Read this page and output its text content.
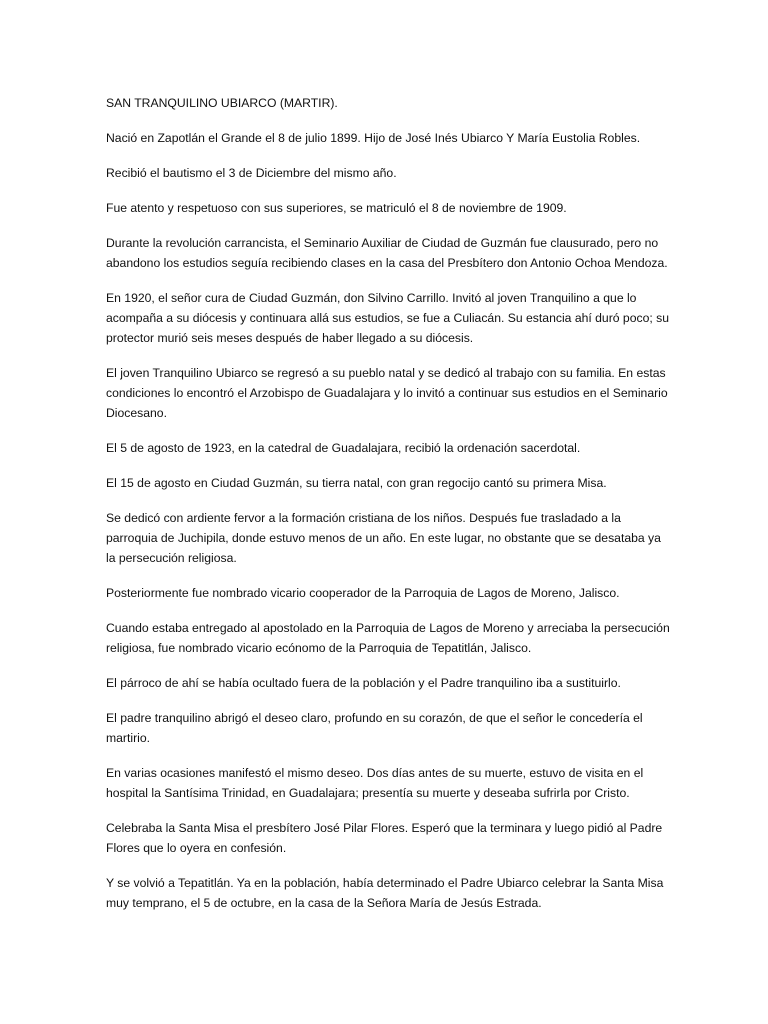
SAN TRANQUILINO UBIARCO (MARTIR).

Nació en Zapotlán el Grande el 8 de julio 1899. Hijo de José Inés Ubiarco Y María Eustolia Robles.

Recibió el bautismo el 3 de Diciembre del mismo año.

Fue atento y respetuoso con sus superiores, se matriculó el 8 de noviembre de 1909.

Durante la revolución carrancista, el Seminario Auxiliar de Ciudad de Guzmán fue clausurado, pero no abandono los estudios seguía recibiendo clases en la casa del Presbítero don Antonio Ochoa Mendoza.

En 1920, el señor cura de Ciudad Guzmán, don Silvino Carrillo. Invitó al joven Tranquilino a que lo acompaña a su diócesis y continuara allá sus estudios, se fue a Culiacán. Su estancia ahí duró poco; su protector murió seis meses después de haber llegado a su diócesis.

El joven Tranquilino Ubiarco se regresó a su pueblo natal y se dedicó al trabajo con su familia. En estas condiciones lo encontró el Arzobispo de Guadalajara y lo invitó a continuar sus estudios en el Seminario Diocesano.

El 5 de agosto de 1923, en la catedral de Guadalajara, recibió la ordenación sacerdotal.

El 15 de agosto en Ciudad Guzmán, su tierra natal, con gran regocijo cantó su primera Misa.

Se dedicó con ardiente fervor a la formación cristiana de los niños. Después fue trasladado a la parroquia de Juchipila, donde estuvo menos de un año. En este lugar, no obstante que se desataba ya la persecución religiosa.

Posteriormente fue nombrado vicario cooperador de la Parroquia de Lagos de Moreno, Jalisco.

Cuando estaba entregado al apostolado en la Parroquia de Lagos de Moreno y arreciaba la persecución religiosa, fue nombrado vicario ecónomo de la Parroquia de Tepatitlán, Jalisco.

El párroco de ahí se había ocultado fuera de la población y el Padre tranquilino iba a sustituirlo.

El padre tranquilino abrigó el deseo claro, profundo en su corazón, de que el señor le concedería el martirio.

En varias ocasiones manifestó el mismo deseo. Dos días antes de su muerte, estuvo de visita en el hospital la Santísima Trinidad, en Guadalajara; presentía su muerte y deseaba sufrirla por Cristo.

Celebraba la Santa Misa el presbítero José Pilar Flores. Esperó que la terminara y luego pidió al Padre Flores que lo oyera en confesión.

Y se volvió a Tepatitlán. Ya en la población, había determinado el Padre Ubiarco celebrar la Santa Misa muy temprano, el 5 de octubre, en la casa de la Señora María de Jesús Estrada.
